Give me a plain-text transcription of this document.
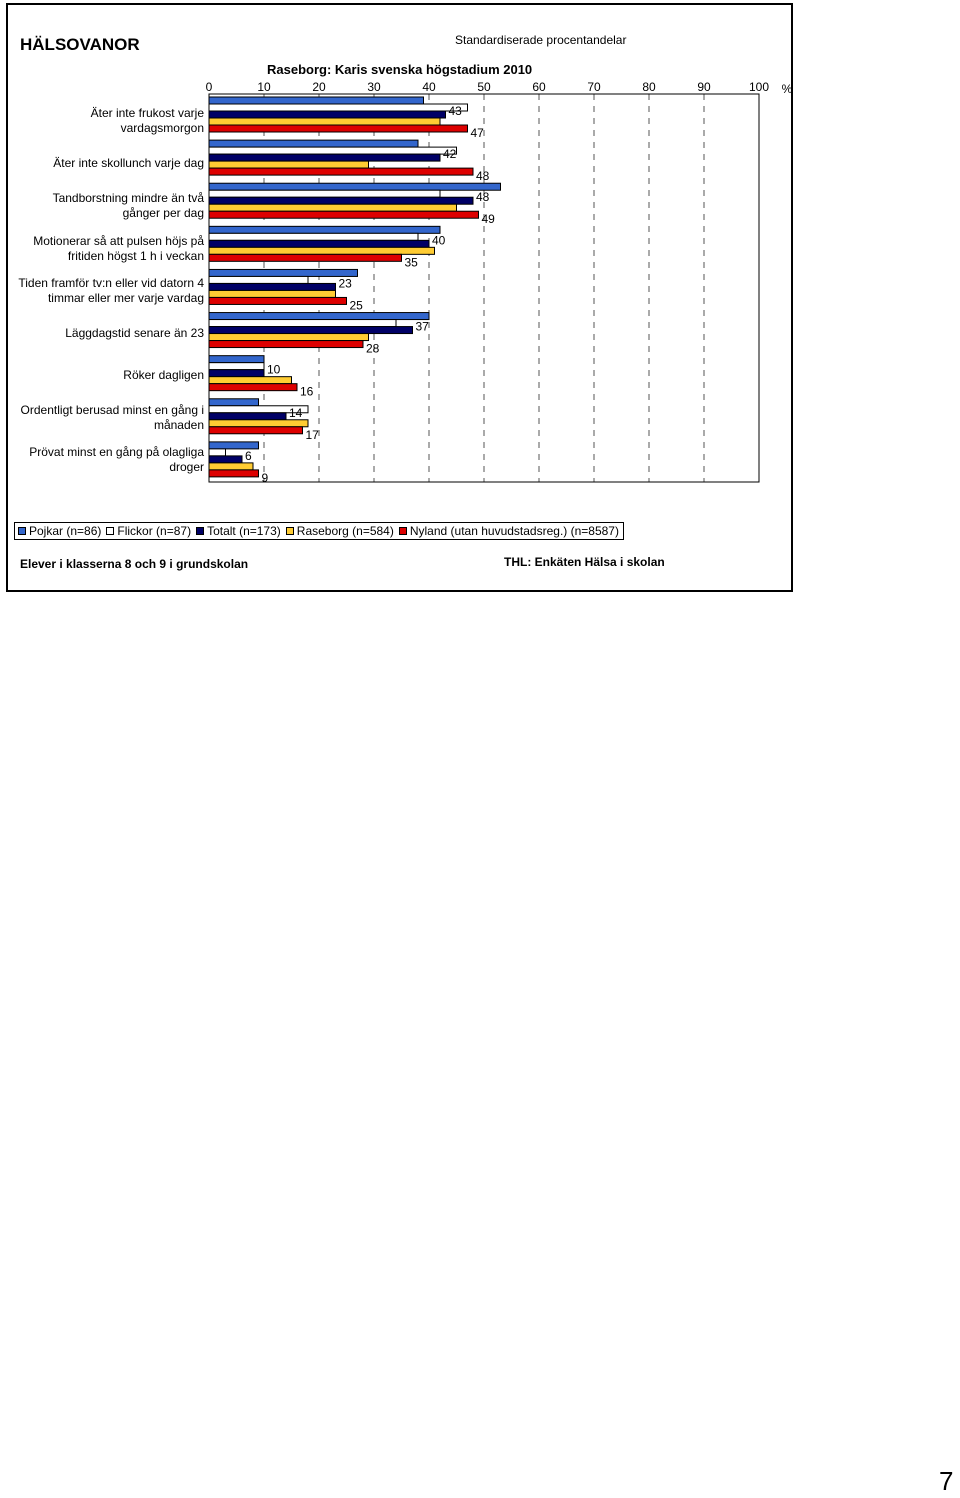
HÄLSOVANOR	Standardiserade procentandelar
Raseborg: Karis svenska högstadium 2010
Äter inte frukost varje vardagsmorgon
Äter inte skollunch varje dag
Tandborstning mindre än två gånger per dag
Motionerar så att pulsen höjs på fritiden högst 1 h i veckan
Tiden framför tv:n eller vid datorn 4 timmar eller mer varje vardag
Läggdagstid senare än 23
Röker dagligen
Ordentligt berusad minst en gång i månaden
Prövat minst en gång på olagliga droger
0	10	20	30	40	50	60	70	80	90	100 %
43
47
42
48
48
49
40
35
23
25
37
28
10
16
14
17
6
9
Pojkar (n=86) Flickor (n=87) Totalt (n=173) Raseborg (n=584) Nyland (utan huvudstadsreg.) (n=8587)
Elever i klasserna 8 och 9 i grundskolan	THL: Enkäten Hälsa i skolan
7
